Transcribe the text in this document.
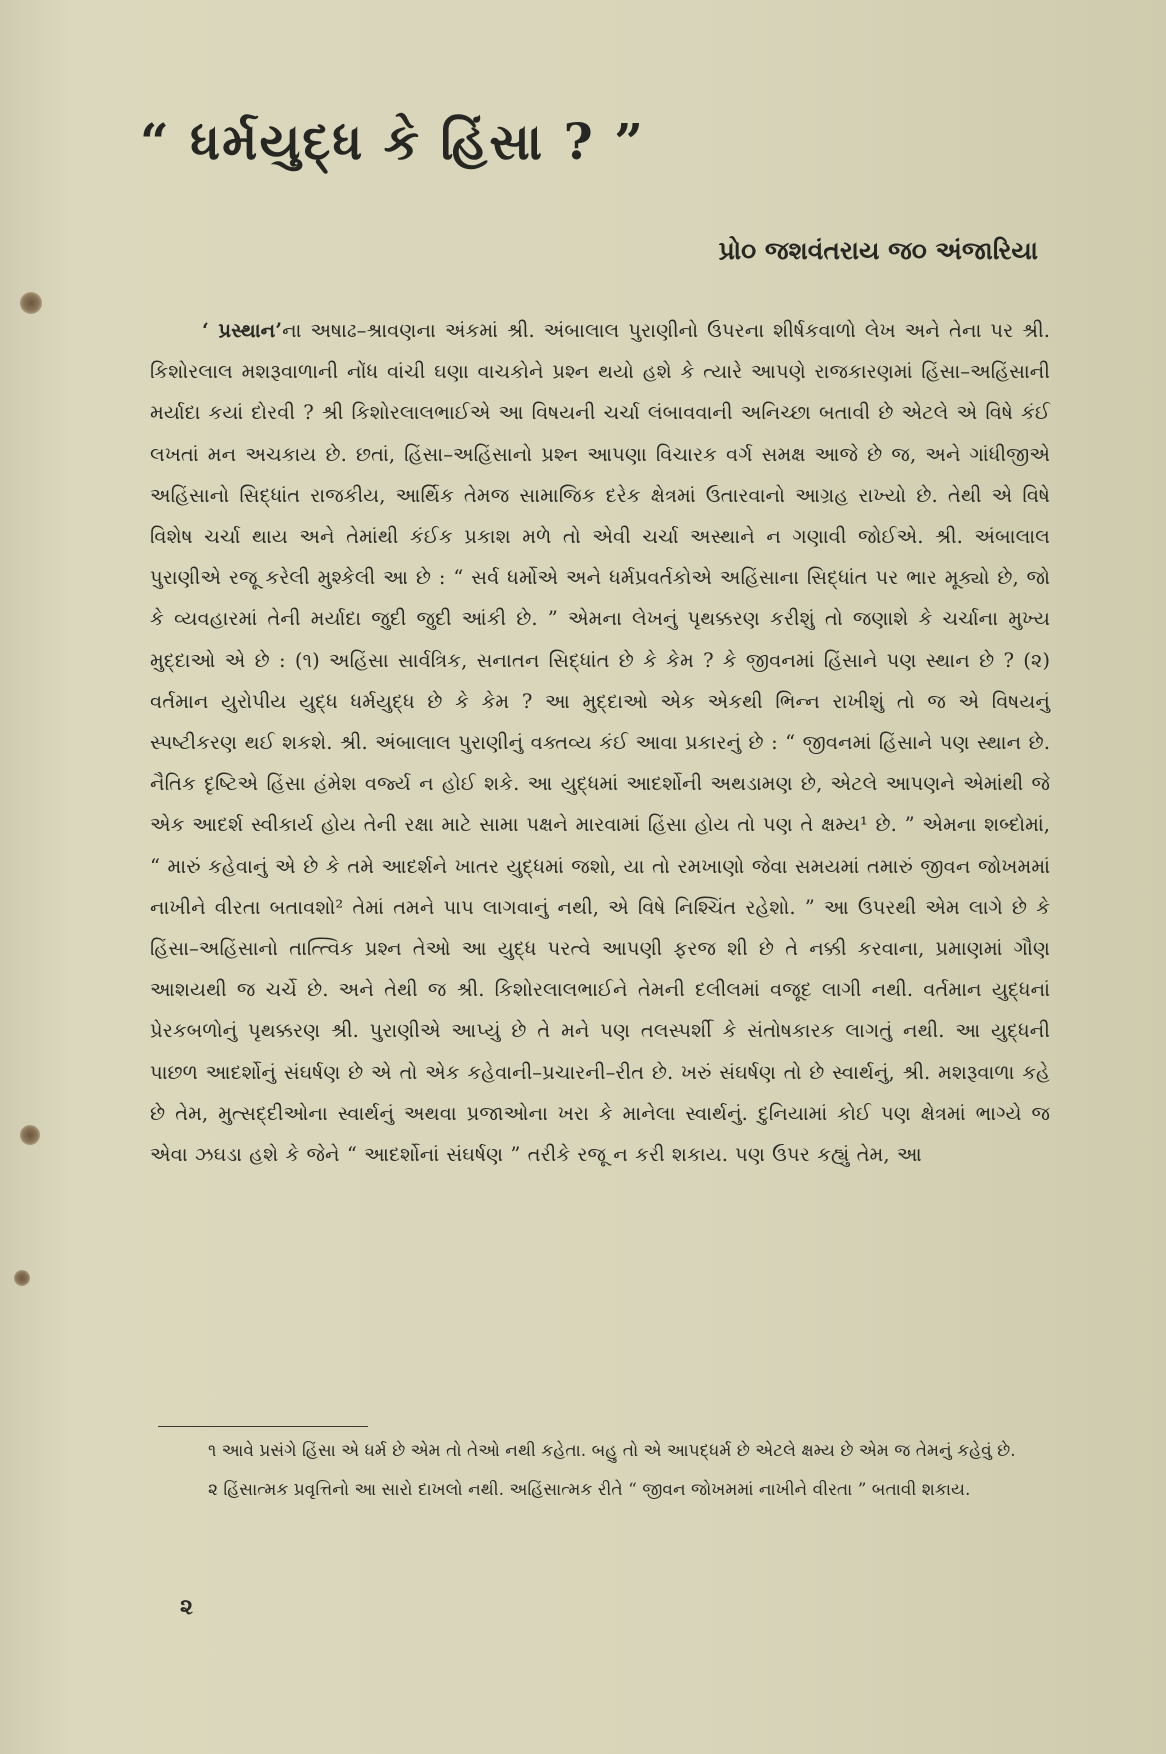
“ ધર્મયુદ્ધ કે હિંસા ? ”
પ્રો૦ જશવંતરાય જ૦ અંજારિયા

‘ પ્રસ્થાન’ના અષાઢ–શ્રાવણના અંકમાં શ્રી. અંબાલાલ પુરાણીનો ઉપરના શીર્ષકવાળો લેખ અને તેના પર શ્રી. કિશોરલાલ મશરૂવાળાની નોંધ વાંચી ઘણા વાચકોને પ્રશ્ન થયો હશે કે ત્યારે આપણે રાજકારણમાં હિંસા–અહિંસાની મર્યાદા કયાં દોરવી ? શ્રી કિશોરલાલભાઈએ આ વિષયની ચર્ચા લંબાવવાની અનિચ્છા બતાવી છે એટલે એ વિષે કંઈ લખતાં મન અચકાય છે. છતાં, હિંસા–અહિંસાનો પ્રશ્ન આપણા વિચારક વર્ગ સમક્ષ આજે છે જ, અને ગાંધીજીએ અહિંસાનો સિદ્ધાંત રાજકીય, આર્થિક તેમજ સામાજિક દરેક ક્ષેત્રમાં ઉતારવાનો આગ્રહ રાખ્યો છે. તેથી એ વિષે વિશેષ ચર્ચા થાય અને તેમાંથી કંઈક પ્રકાશ મળે તો એવી ચર્ચા અસ્થાને ન ગણાવી જોઈએ. શ્રી. અંબાલાલ પુરાણીએ રજૂ કરેલી મુશ્કેલી આ છે : “ સર્વ ધર્મોએ અને ધર્મપ્રવર્તકોએ અહિંસાના સિદ્ધાંત પર ભાર મૂક્યો છે, જો કે વ્યવહારમાં તેની મર્યાદા જુદી જુદી આંકી છે. ” એમના લેખનું પૃથક્કરણ કરીશું તો જણાશે કે ચર્ચાના મુખ્ય મુદ્દાઓ એ છે : (૧) અહિંસા સાર્વત્રિક, સનાતન સિદ્ધાંત છે કે કેમ ? કે જીવનમાં હિંસાને પણ સ્થાન છે ? (૨) વર્તમાન યુરોપીય યુદ્ધ ધર્મયુદ્ધ છે કે કેમ ? આ મુદ્દાઓ એક એકથી ભિન્ન રાખીશું તો જ એ વિષયનું સ્પષ્ટીકરણ થઈ શકશે. શ્રી. અંબાલાલ પુરાણીનું વક્તવ્ય કંઈ આવા પ્રકારનું છે : “ જીવનમાં હિંસાને પણ સ્થાન છે. નૈતિક દૃષ્ટિએ હિંસા હંમેશ વર્જ્ય ન હોઈ શકે. આ યુદ્ધમાં આદર્શોની અથડામણ છે, એટલે આપણને એમાંથી જે એક આદર્શ સ્વીકાર્ય હોય તેની રક્ષા માટે સામા પક્ષને મારવામાં હિંસા હોય તો પણ તે ક્ષમ્ય¹ છે. ” એમના શબ્દોમાં, “ મારું કહેવાનું એ છે કે તમે આદર્શને ખાતર યુદ્ધમાં જશો, યા તો રમખાણો જેવા સમયમાં તમારું જીવન જોખમમાં નાખીને વીરતા બતાવશો² તેમાં તમને પાપ લાગવાનું નથી, એ વિષે નિશ્ચિંત રહેશો. ” આ ઉપરથી એમ લાગે છે કે હિંસા–અહિંસાનો તાત્ત્વિક પ્રશ્ન તેઓ આ યુદ્ધ પરત્વે આપણી ફરજ શી છે તે નક્કી કરવાના, પ્રમાણમાં ગૌણ આશયથી જ ચર્ચે છે. અને તેથી જ શ્રી. કિશોરલાલભાઈને તેમની દલીલમાં વજૂદ લાગી નથી. વર્તમાન યુદ્ધનાં પ્રેરકબળોનું પૃથક્કરણ શ્રી. પુરાણીએ આપ્યું છે તે મને પણ તલસ્પર્શી કે સંતોષકારક લાગતું નથી. આ યુદ્ધની પાછળ આદર્શોનું સંઘર્ષણ છે એ તો એક કહેવાની–પ્રચારની–રીત છે. ખરું સંઘર્ષણ તો છે સ્વાર્થનું, શ્રી. મશરૂવાળા કહે છે તેમ, મુત્સદ્દીઓના સ્વાર્થનું અથવા પ્રજાઓના ખરા કે માનેલા સ્વાર્થનું. દુનિયામાં કોઈ પણ ક્ષેત્રમાં ભાગ્યે જ એવા ઝઘડા હશે કે જેને “ આદર્શોનાં સંઘર્ષણ ” તરીકે રજૂ ન કરી શકાય. પણ ઉપર કહ્યું તેમ, આ

૧ આવે પ્રસંગે હિંસા એ ધર્મ છે એમ તો તેઓ નથી કહેતા. બહુ તો એ આપદ્ધર્મ છે એટલે ક્ષમ્ય છે એમ જ તેમનું કહેવું છે.

૨ હિંસાત્મક પ્રવૃત્તિનો આ સારો દાખલો નથી. અહિંસાત્મક રીતે “ જીવન જોખમમાં નાખીને વીરતા ” બતાવી શકાય.

૨
